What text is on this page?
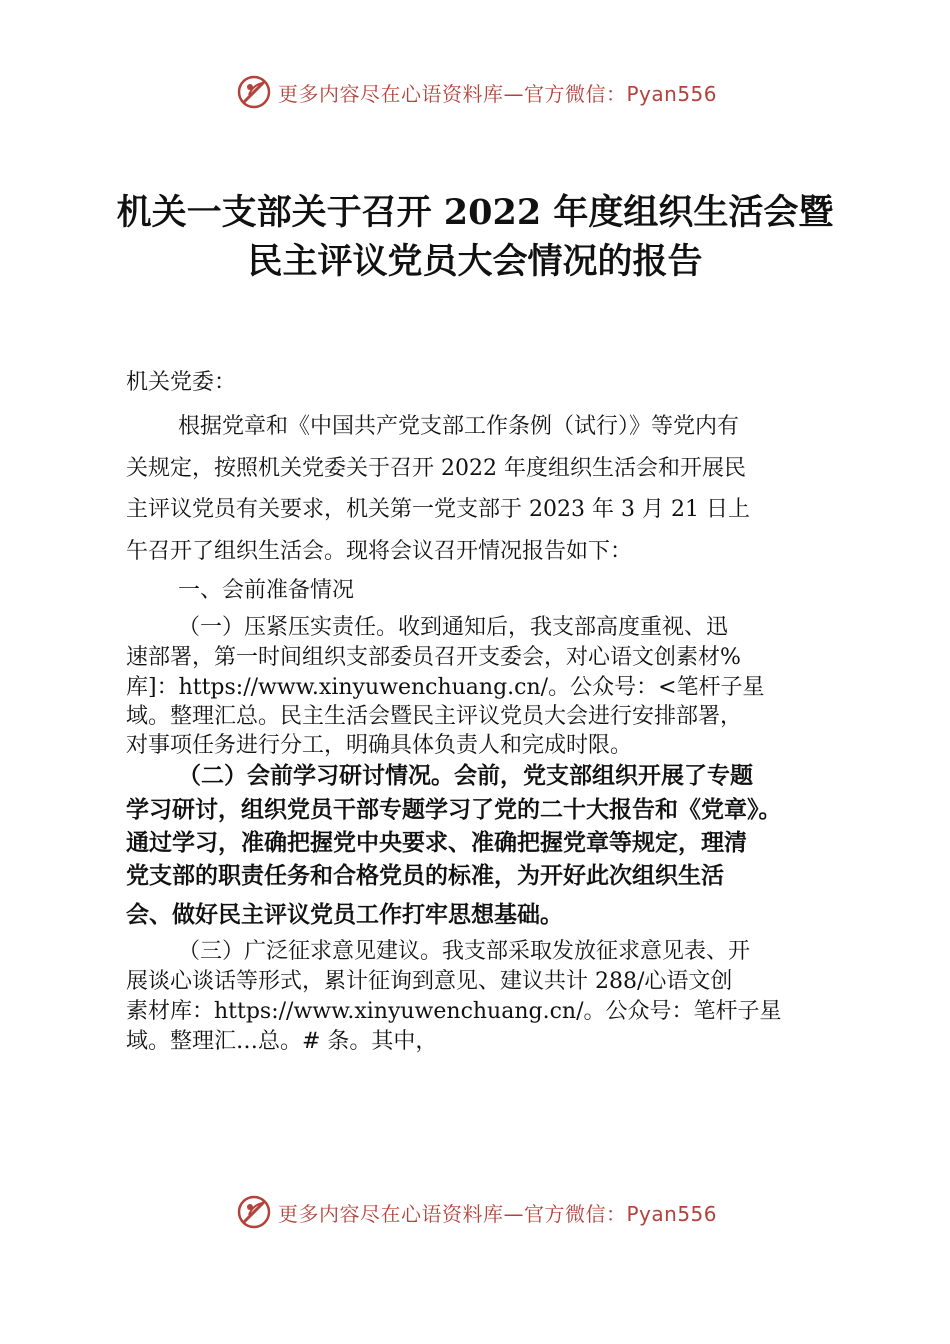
更多内容尽在心语资料库—官方微信：Pyan556
机关一支部关于召开 2022 年度组织生活会暨
民主评议党员大会情况的报告
机关党委：
根据党章和《中国共产党支部工作条例（试行）》等党内有
关规定，按照机关党委关于召开 2022 年度组织生活会和开展民
主评议党员有关要求，机关第一党支部于 2023 年 3 月 21 日上
午召开了组织生活会。现将会议召开情况报告如下：
一、会前准备情况
（一）压紧压实责任。收到通知后，我支部高度重视、迅
速部署，第一时间组织支部委员召开支委会，对心语文创素材%
库]：https://www.xinyuwenchuang.cn/。公众号：<笔杆子星
域。整理汇总。民主生活会暨民主评议党员大会进行安排部署，
对事项任务进行分工，明确具体负责人和完成时限。
（二）会前学习研讨情况。会前，党支部组织开展了专题
学习研讨，组织党员干部专题学习了党的二十大报告和《党章》。
通过学习，准确把握党中央要求、准确把握党章等规定，理清
党支部的职责任务和合格党员的标准，为开好此次组织生活
会、做好民主评议党员工作打牢思想基础。
（三）广泛征求意见建议。我支部采取发放征求意见表、开
展谈心谈话等形式，累计征询到意见、建议共计 288/心语文创
素材库：https://www.xinyuwenchuang.cn/。公众号：笔杆子星
域。整理汇…总。# 条。其中，
更多内容尽在心语资料库—官方微信：Pyan556
